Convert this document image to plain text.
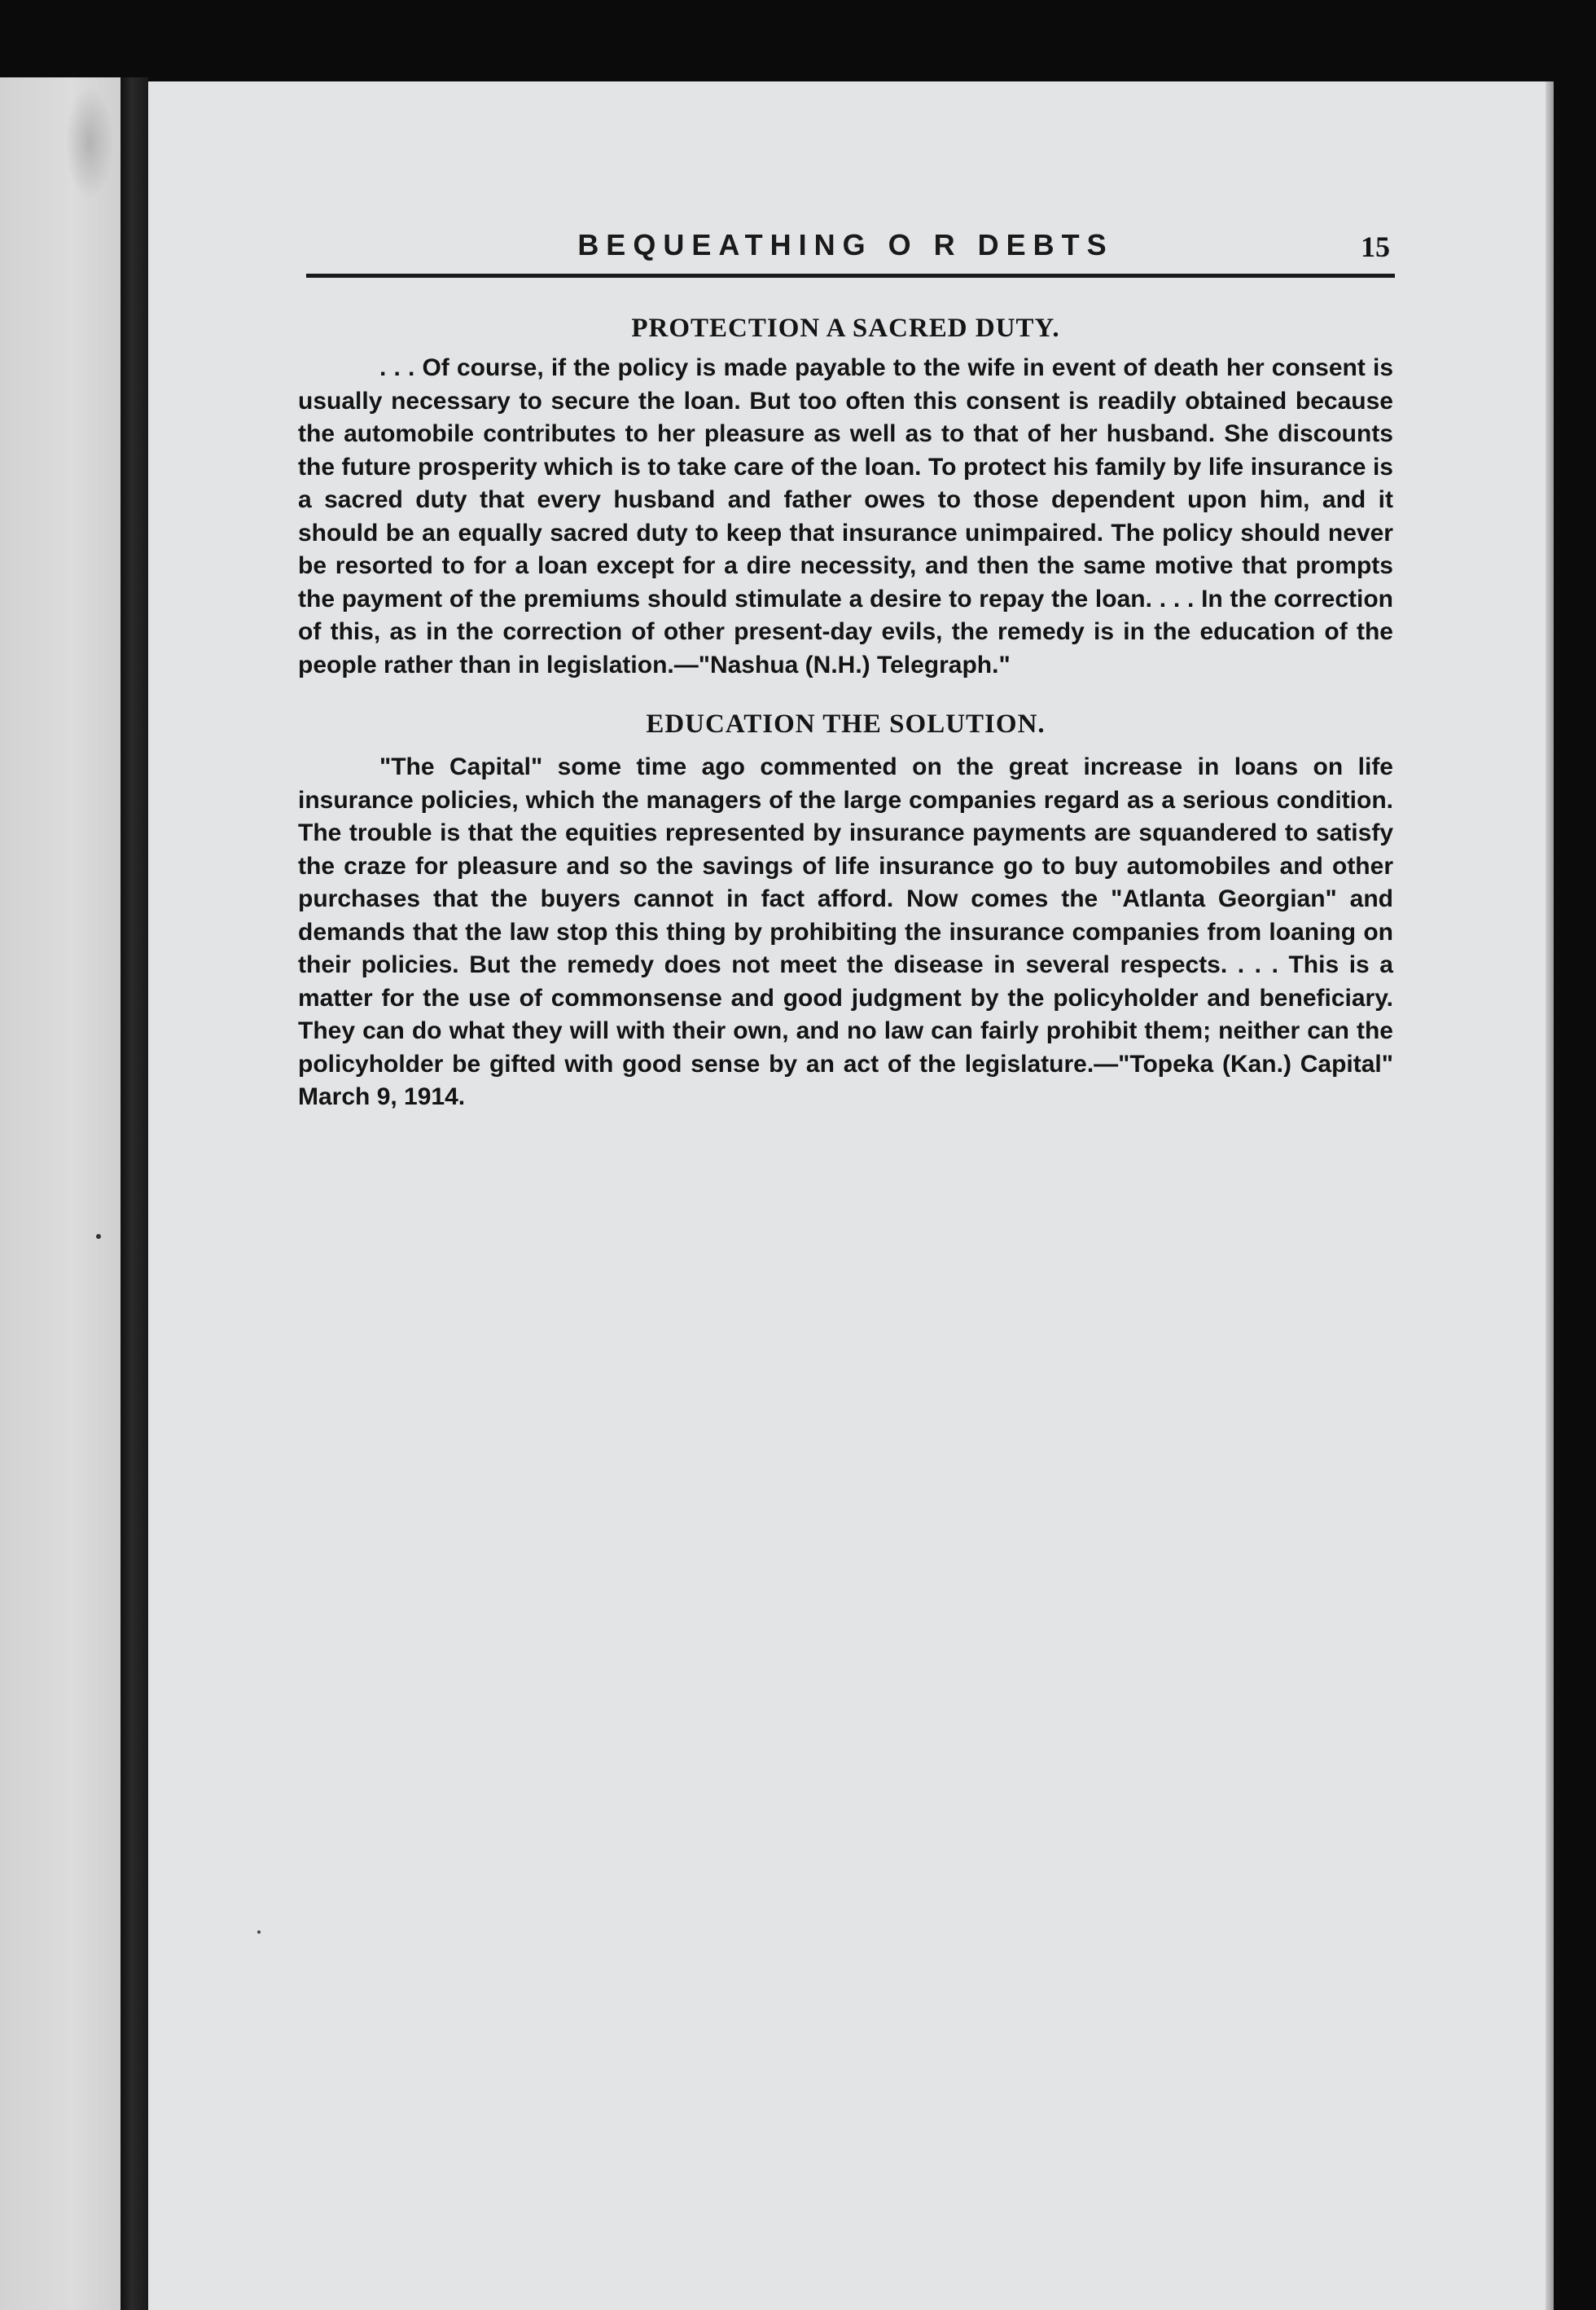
BEQUEATHING O R DEBTS	15
PROTECTION A SACRED DUTY.

. . . Of course, if the policy is made payable to the wife in event of death her consent is usually necessary to secure the loan. But too often this consent is readily obtained because the automobile contributes to her pleasure as well as to that of her husband. She discounts the future prosperity which is to take care of the loan. To protect his family by life insurance is a sacred duty that every husband and father owes to those dependent upon him, and it should be an equally sacred duty to keep that insurance unimpaired. The policy should never be resorted to for a loan except for a dire necessity, and then the same motive that prompts the payment of the premiums should stimulate a desire to repay the loan. . . . In the correction of this, as in the correction of other present-day evils, the remedy is in the education of the people rather than in legislation.—"Nashua (N.H.) Telegraph."

EDUCATION THE SOLUTION.

"The Capital" some time ago commented on the great increase in loans on life insurance policies, which the managers of the large companies regard as a serious condition. The trouble is that the equities represented by insurance payments are squandered to satisfy the craze for pleasure and so the savings of life insurance go to buy automobiles and other purchases that the buyers cannot in fact afford. Now comes the "Atlanta Georgian" and demands that the law stop this thing by prohibiting the insurance companies from loaning on their policies. But the remedy does not meet the disease in several respects. . . . This is a matter for the use of commonsense and good judgment by the policyholder and beneficiary. They can do what they will with their own, and no law can fairly prohibit them; neither can the policyholder be gifted with good sense by an act of the legislature.—"Topeka (Kan.) Capital" March 9, 1914.
